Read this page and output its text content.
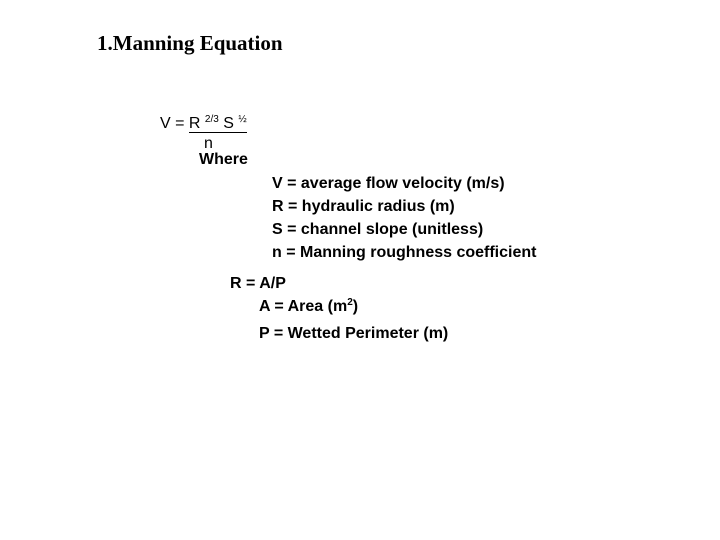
1.Manning Equation
V = R $^{2/3}$ S $^{\frac{1}{2}}$
n
Where
V = average flow velocity (m/s)
R = hydraulic radius (m)
S = channel slope (unitless)
n = Manning roughness coefficient
R = A/P
A = Area $(m^2)$
P = Wetted Perimeter (m)
